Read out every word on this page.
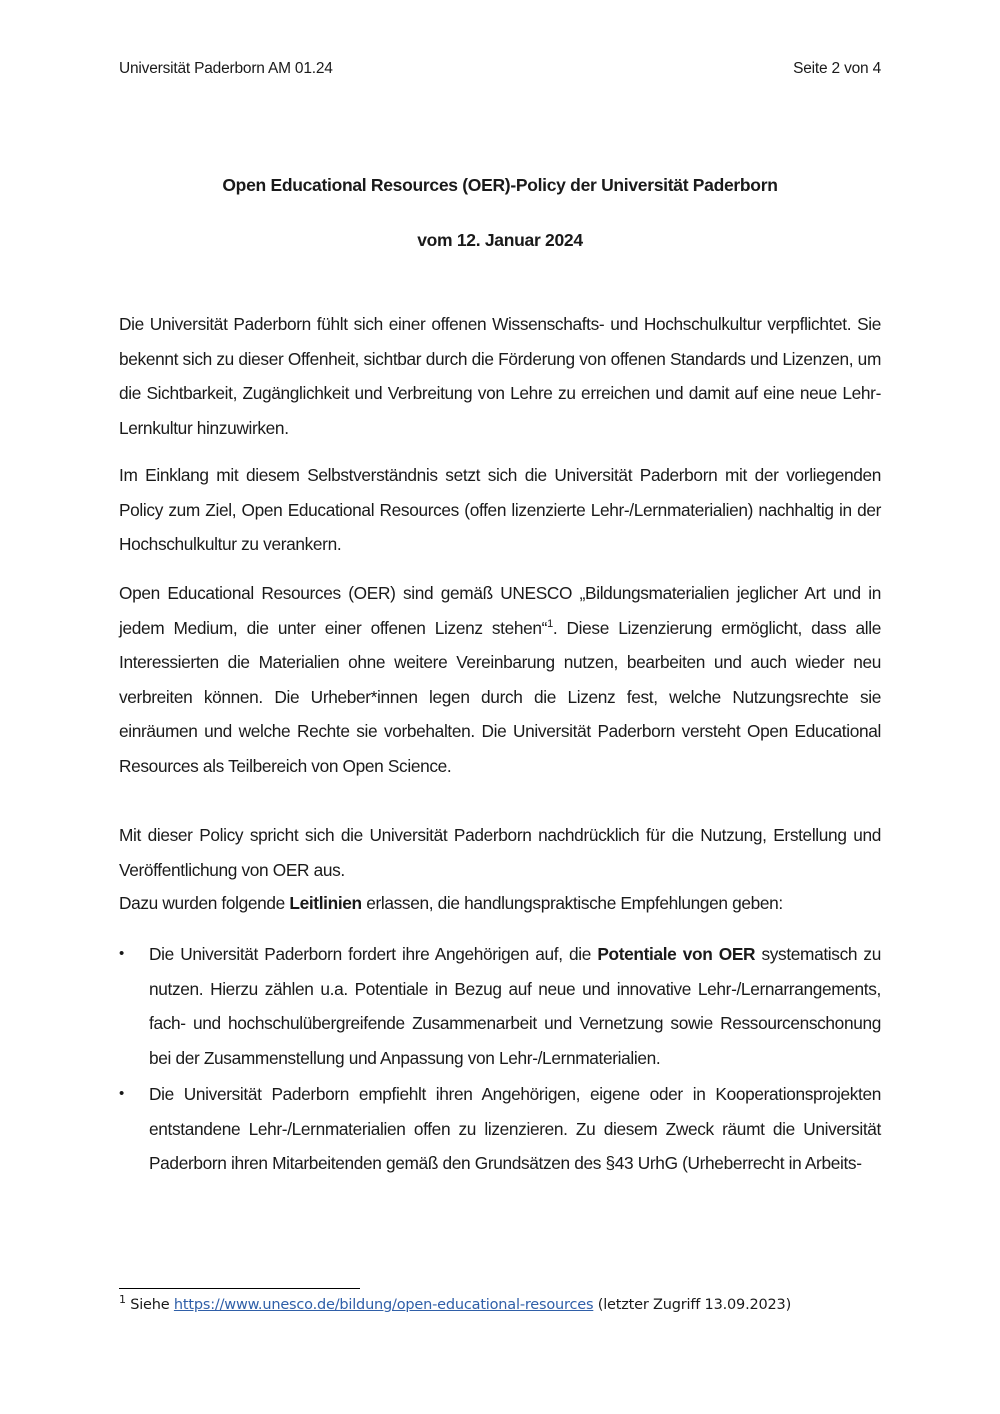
Universität Paderborn AM 01.24	Seite 2 von 4
Open Educational Resources (OER)-Policy der Universität Paderborn
vom 12. Januar 2024
Die Universität Paderborn fühlt sich einer offenen Wissenschafts- und Hochschulkultur verpflichtet. Sie bekennt sich zu dieser Offenheit, sichtbar durch die Förderung von offenen Standards und Lizenzen, um die Sichtbarkeit, Zugänglichkeit und Verbreitung von Lehre zu erreichen und damit auf eine neue Lehr-Lernkultur hinzuwirken.
Im Einklang mit diesem Selbstverständnis setzt sich die Universität Paderborn mit der vorliegenden Policy zum Ziel, Open Educational Resources (offen lizenzierte Lehr-/Lernmaterialien) nachhaltig in der Hochschulkultur zu verankern.
Open Educational Resources (OER) sind gemäß UNESCO „Bildungsmaterialien jeglicher Art und in jedem Medium, die unter einer offenen Lizenz stehen“$^1$. Diese Lizenzierung ermöglicht, dass alle Interessierten die Materialien ohne weitere Vereinbarung nutzen, bearbeiten und auch wieder neu verbreiten können. Die Urheber*innen legen durch die Lizenz fest, welche Nutzungsrechte sie einräumen und welche Rechte sie vorbehalten. Die Universität Paderborn versteht Open Educational Resources als Teilbereich von Open Science.
Mit dieser Policy spricht sich die Universität Paderborn nachdrücklich für die Nutzung, Erstellung und Veröffentlichung von OER aus.
Dazu wurden folgende Leitlinien erlassen, die handlungspraktische Empfehlungen geben:
• Die Universität Paderborn fordert ihre Angehörigen auf, die Potentiale von OER systematisch zu nutzen. Hierzu zählen u.a. Potentiale in Bezug auf neue und innovative Lehr-/Lernarrangements, fach- und hochschulübergreifende Zusammenarbeit und Vernetzung sowie Ressourcenschonung bei der Zusammenstellung und Anpassung von Lehr-/Lernmaterialien.
• Die Universität Paderborn empfiehlt ihren Angehörigen, eigene oder in Kooperationsprojekten entstandene Lehr-/Lernmaterialien offen zu lizenzieren. Zu diesem Zweck räumt die Universität Paderborn ihren Mitarbeitenden gemäß den Grundsätzen des §43 UrhG (Urheberrecht in Arbeits-
$^1$ Siehe https://www.unesco.de/bildung/open-educational-resources (letzter Zugriff 13.09.2023)
